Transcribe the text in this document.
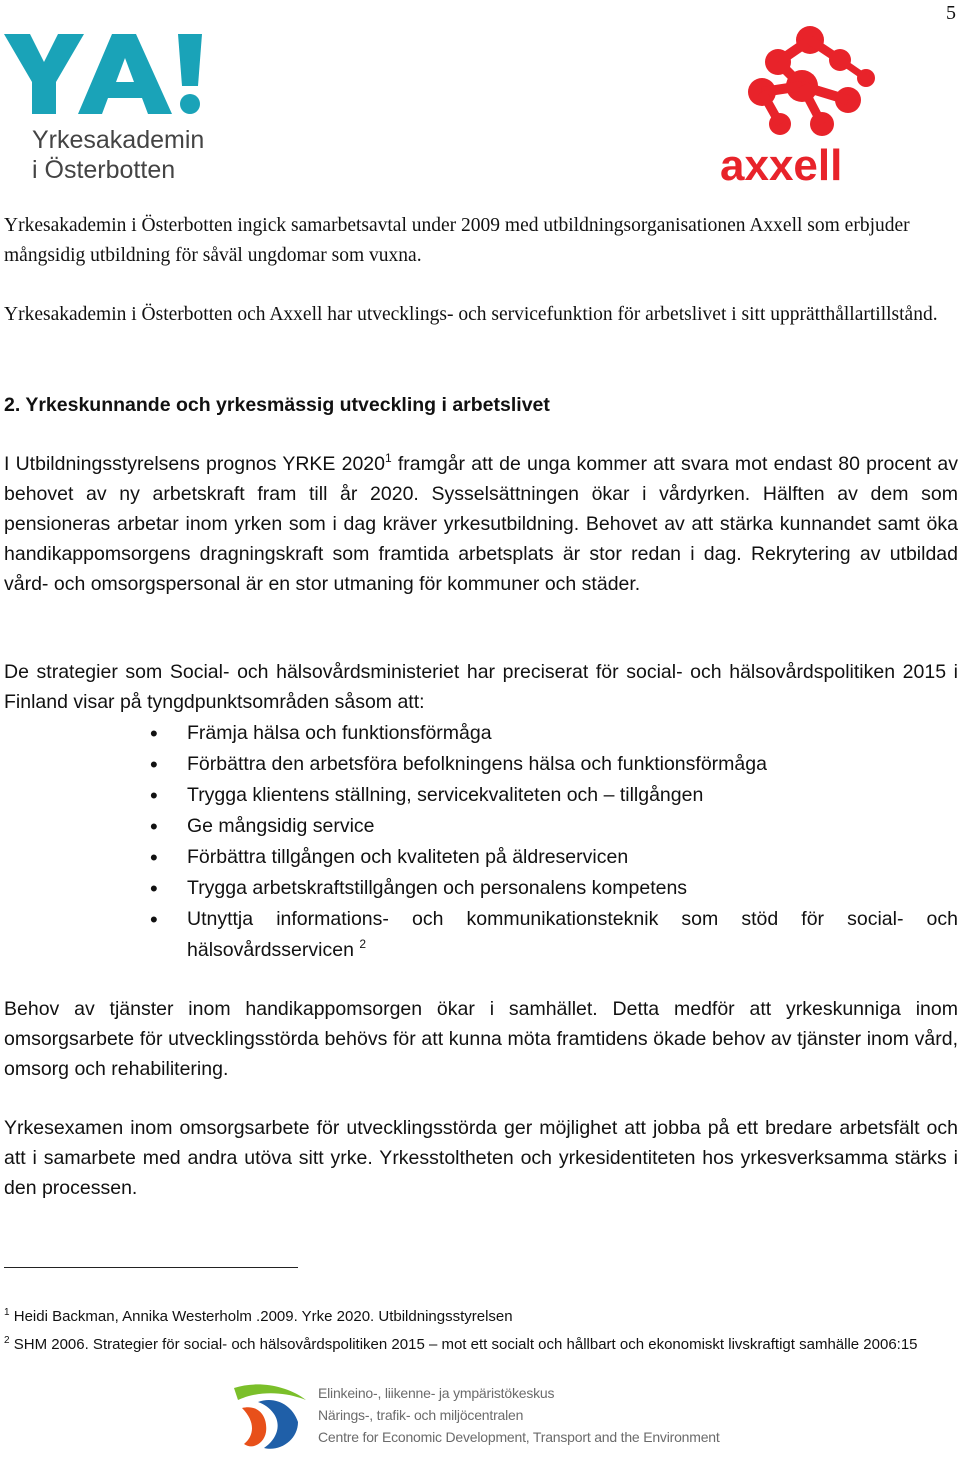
5
Yrkesakademin
i Österbotten	axxell

Yrkesakademin i Österbotten ingick samarbetsavtal under 2009 med utbildningsorganisationen Axxell som erbjuder mångsidig utbildning för såväl ungdomar som vuxna.

Yrkesakademin i Österbotten och Axxell har utvecklings- och servicefunktion för arbetslivet i sitt upprätthållartillstånd.

2. Yrkeskunnande och yrkesmässig utveckling i arbetslivet

I Utbildningsstyrelsens prognos YRKE 2020$^1$ framgår att de unga kommer att svara mot endast 80 procent av behovet av ny arbetskraft fram till år 2020. Sysselsättningen ökar i vårdyrken. Hälften av dem som pensioneras arbetar inom yrken som i dag kräver yrkesutbildning. Behovet av att stärka kunnandet samt öka handikappomsorgens dragningskraft som framtida arbetsplats är stor redan i dag. Rekrytering av utbildad vård- och omsorgspersonal är en stor utmaning för kommuner och städer.

De strategier som Social- och hälsovårdsministeriet har preciserat för social- och hälsovårdspolitiken 2015 i Finland visar på tyngdpunktsområden såsom att:

• Främja hälsa och funktionsförmåga
• Förbättra den arbetsföra befolkningens hälsa och funktionsförmåga
• Trygga klientens ställning, servicekvaliteten och – tillgången
• Ge mångsidig service
• Förbättra tillgången och kvaliteten på äldreservicen
• Trygga arbetskraftstillgången och personalens kompetens
• Utnyttja informations- och kommunikationsteknik som stöd för social- och hälsovårdsservicen $^2$

Behov av tjänster inom handikappomsorgen ökar i samhället. Detta medför att yrkeskunniga inom omsorgsarbete för utvecklingsstörda behövs för att kunna möta framtidens ökade behov av tjänster inom vård, omsorg och rehabilitering.

Yrkesexamen inom omsorgsarbete för utvecklingsstörda ger möjlighet att jobba på ett bredare arbetsfält och att i samarbete med andra utöva sitt yrke. Yrkesstoltheten och yrkesidentiteten hos yrkesverksamma stärks i den processen.

$^1$ Heidi Backman, Annika Westerholm .2009. Yrke 2020. Utbildningsstyrelsen

$^2$ SHM 2006. Strategier för social- och hälsovårdspolitiken 2015 – mot ett socialt och hållbart och ekonomiskt livskraftigt samhälle 2006:15

Elinkeino-, liikenne- ja ympäristökeskus
Närings-, trafik- och miljöcentralen
Centre for Economic Development, Transport and the Environment
